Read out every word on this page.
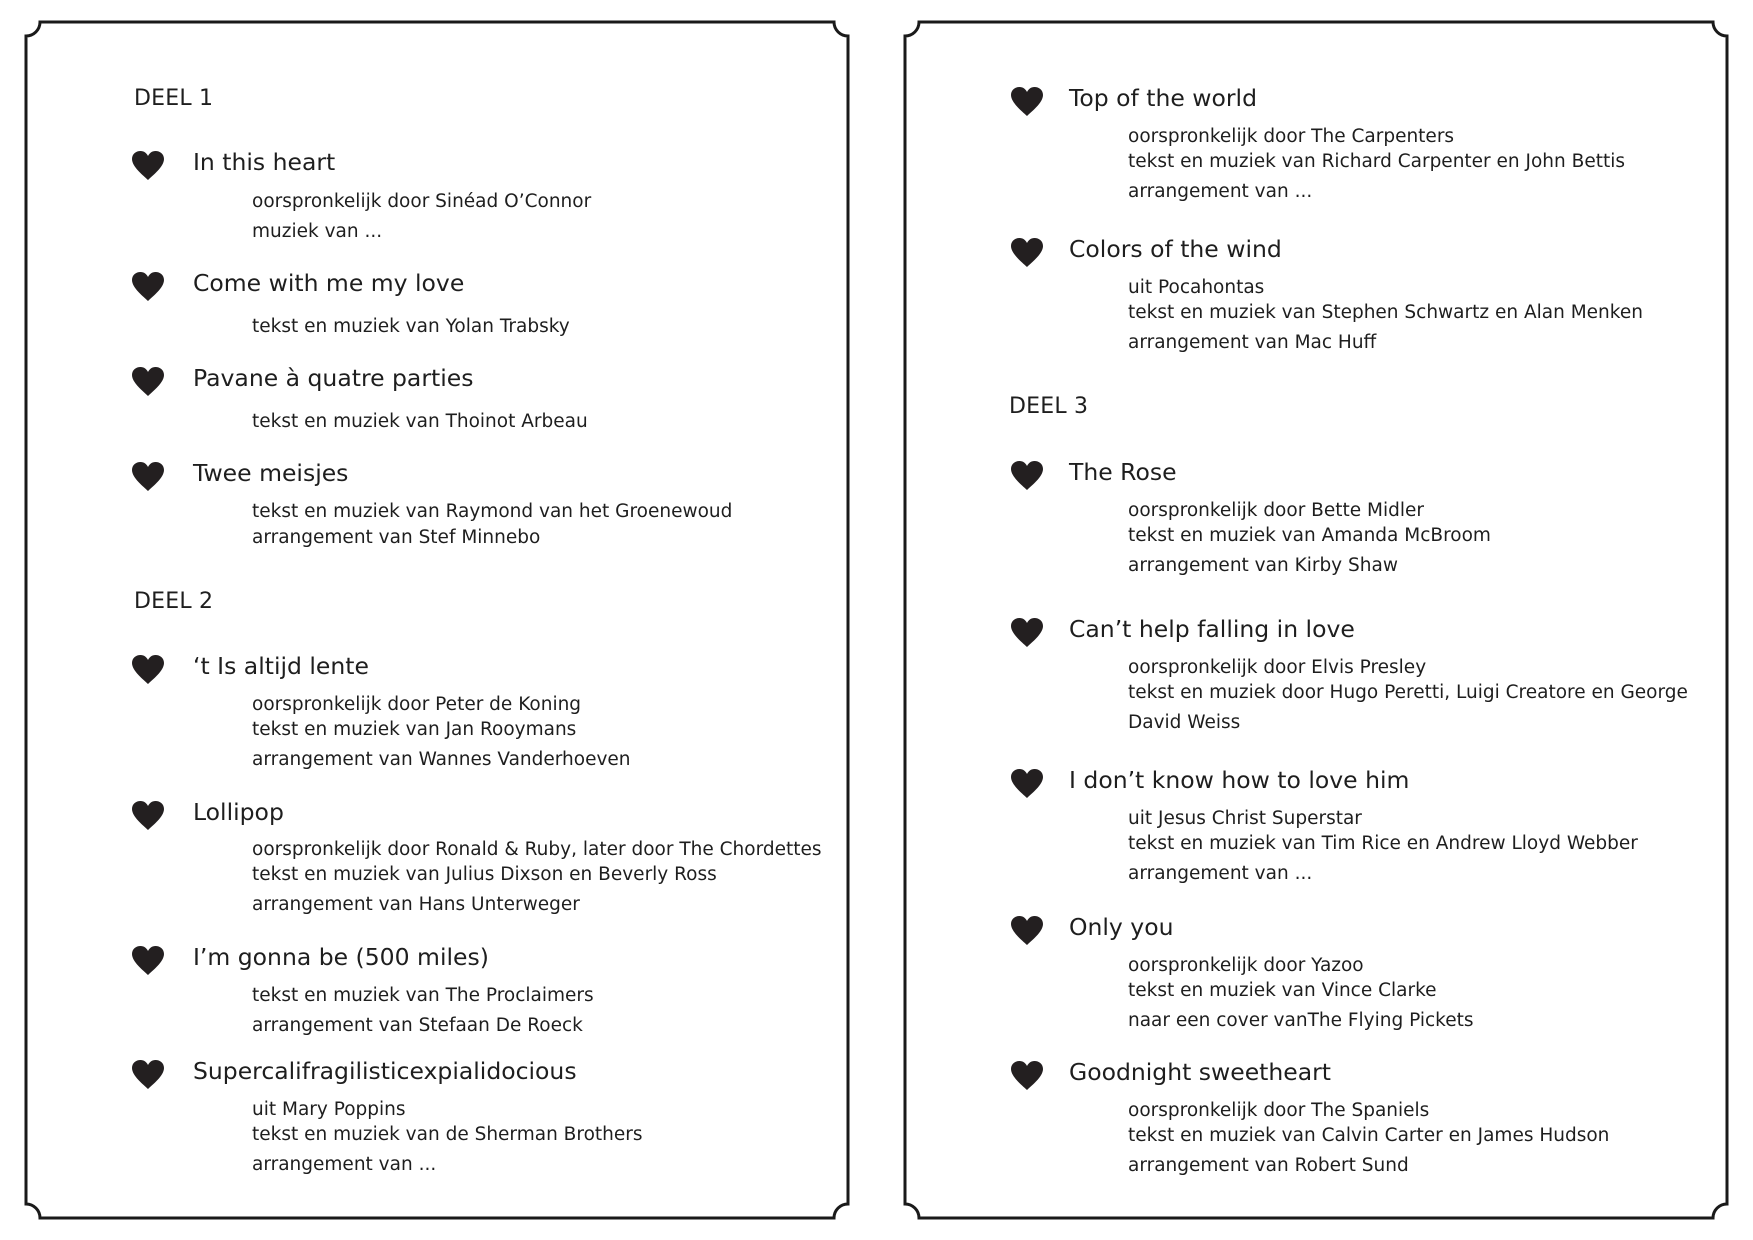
DEEL 1
In this heart
oorspronkelijk door Sinéad O’Connor
muziek van ...
Come with me my love
tekst en muziek van Yolan Trabsky
Pavane à quatre parties
tekst en muziek van Thoinot Arbeau
Twee meisjes
tekst en muziek van Raymond van het Groenewoud
arrangement van Stef Minnebo
DEEL 2
‘t Is altijd lente
oorspronkelijk door Peter de Koning
tekst en muziek van Jan Rooymans
arrangement van Wannes Vanderhoeven
Lollipop
oorspronkelijk door Ronald & Ruby, later door The Chordettes
tekst en muziek van Julius Dixson en Beverly Ross
arrangement van Hans Unterweger
I’m gonna be (500 miles)
tekst en muziek van The Proclaimers
arrangement van Stefaan De Roeck
Supercalifragilisticexpialidocious
uit Mary Poppins
tekst en muziek van de Sherman Brothers
arrangement van ...
Top of the world
oorspronkelijk door The Carpenters
tekst en muziek van Richard Carpenter en John Bettis
arrangement van ...
Colors of the wind
uit Pocahontas
tekst en muziek van Stephen Schwartz en Alan Menken
arrangement van Mac Huff
DEEL 3
The Rose
oorspronkelijk door Bette Midler
tekst en muziek van Amanda McBroom
arrangement van Kirby Shaw
Can’t help falling in love
oorspronkelijk door Elvis Presley
tekst en muziek door Hugo Peretti, Luigi Creatore en George
David Weiss
I don’t know how to love him
uit Jesus Christ Superstar
tekst en muziek van Tim Rice en Andrew Lloyd Webber
arrangement van ...
Only you
oorspronkelijk door Yazoo
tekst en muziek van Vince Clarke
naar een cover vanThe Flying Pickets
Goodnight sweetheart
oorspronkelijk door The Spaniels
tekst en muziek van Calvin Carter en James Hudson
arrangement van Robert Sund
